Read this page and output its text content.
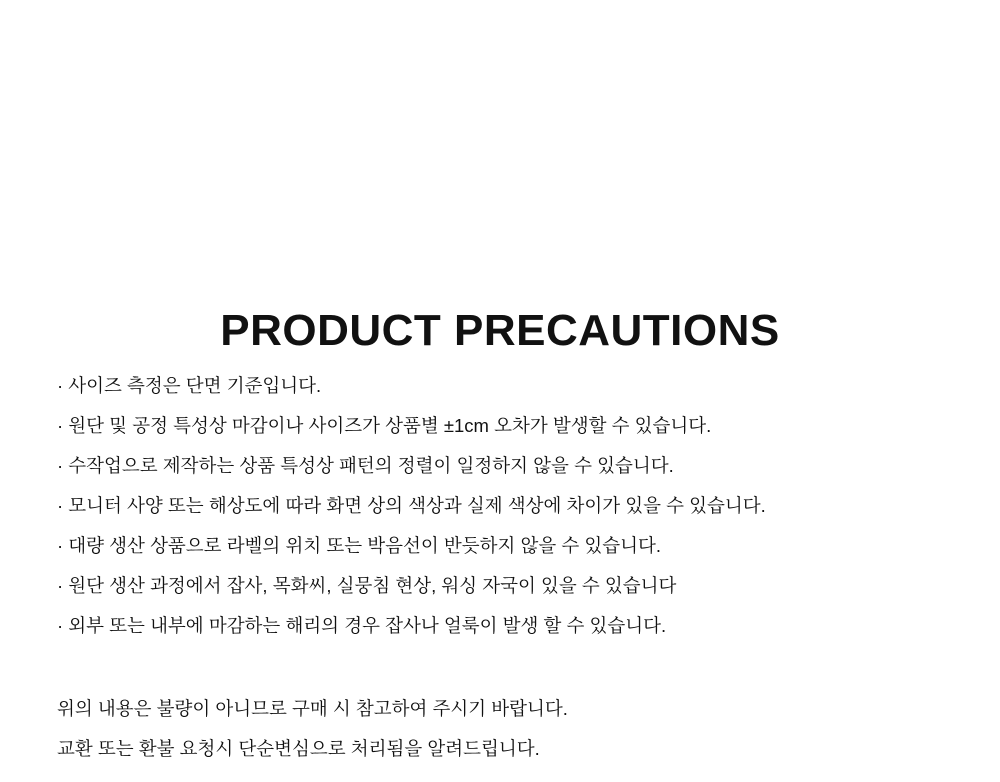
PRODUCT PRECAUTIONS
· 사이즈 측정은 단면 기준입니다.
· 원단 및 공정 특성상 마감이나 사이즈가 상품별 ±1cm 오차가 발생할 수 있습니다.
· 수작업으로 제작하는 상품 특성상 패턴의 정렬이 일정하지 않을 수 있습니다.
· 모니터 사양 또는 해상도에 따라 화면 상의 색상과 실제 색상에 차이가 있을 수 있습니다.
· 대량 생산 상품으로 라벨의 위치 또는 박음선이 반듯하지 않을 수 있습니다.
· 원단 생산 과정에서 잡사, 목화씨, 실뭉침 현상, 워싱 자국이 있을 수 있습니다
· 외부 또는 내부에 마감하는 해리의 경우 잡사나 얼룩이 발생 할 수 있습니다.
위의 내용은 불량이 아니므로 구매 시 참고하여 주시기 바랍니다.
교환 또는 환불 요청시 단순변심으로 처리됨을 알려드립니다.
